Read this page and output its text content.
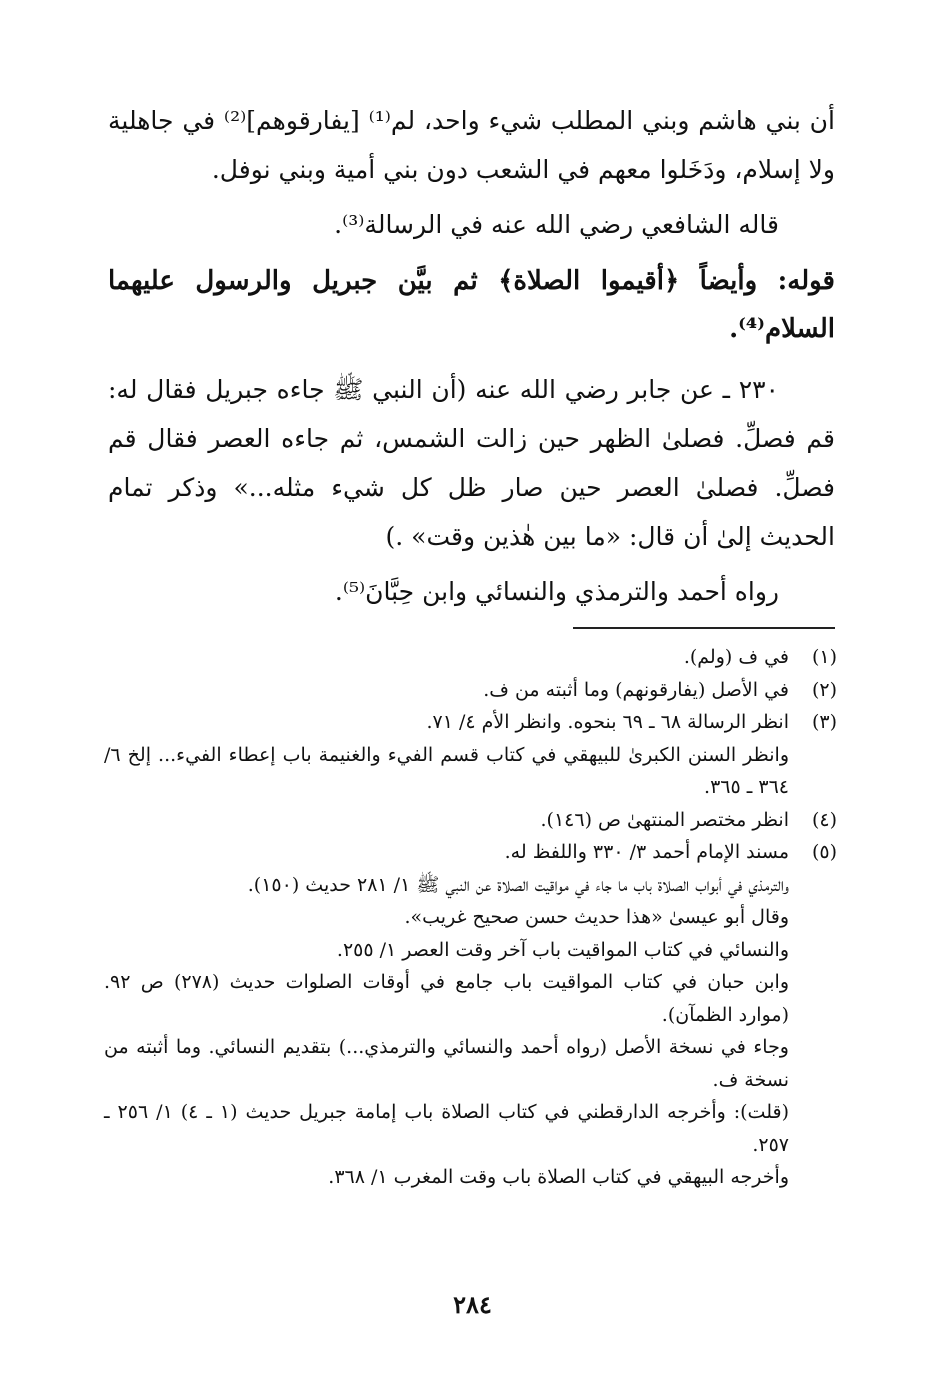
أن بني هاشم وبني المطلب شيء واحد، لم⁽¹⁾ [يفارقوهم]⁽²⁾ في جاهلية ولا إسلام، ودَخَلوا معهم في الشعب دون بني أمية وبني نوفل.

قاله الشافعي رضي الله عنه في الرسالة⁽³⁾.

قوله: وأيضاً ﴿أقيموا الصلاة﴾ ثم بيَّن جبريل والرسول عليهما السلام⁽⁴⁾.

٢٣٠ ـ عن جابر رضي الله عنه (أن النبي ﷺ جاءه جبريل فقال له: قم فصلِّ. فصلىٰ الظهر حين زالت الشمس، ثم جاءه العصر فقال قم فصلِّ. فصلىٰ العصر حين صار ظل كل شيء مثله...» وذكر تمام الحديث إلىٰ أن قال: «ما بين هٰذين وقت» .)

رواه أحمد والترمذي والنسائي وابن حِبَّانَ⁽⁵⁾.

(١)
في ف (ولم).
(٢)
في الأصل (يفارقونهم) وما أثبته من ف.
(٣)
انظر الرسالة ٦٨ ـ ٦٩ بنحوه. وانظر الأم ٤/ ٧١.

وانظر السنن الكبرىٰ للبيهقي في كتاب قسم الفيء والغنيمة باب إعطاء الفيء... إلخ ٦/ ٣٦٤ ـ ٣٦٥.

(٤)
انظر مختصر المنتهىٰ ص (١٤٦).
(٥)
مسند الإمام أحمد ٣/ ٣٣٠ واللفظ له.

والترمذي في أبواب الصلاة باب ما جاء في مواقيت الصلاة عن النبي ﷺ ١/ ٢٨١ حديث (١٥٠).

وقال أبو عيسىٰ «هذا حديث حسن صحيح غريب».

والنسائي في كتاب المواقيت باب آخر وقت العصر ١/ ٢٥٥.

وابن حبان في كتاب المواقيت باب جامع في أوقات الصلوات حديث (٢٧٨) ص ٩٢. (موارد الظمآن).

وجاء في نسخة الأصل (رواه أحمد والنسائي والترمذي...) بتقديم النسائي. وما أثبته من نسخة ف.

(قلت): وأخرجه الدارقطني في كتاب الصلاة باب إمامة جبريل حديث (١ ـ ٤) ١/ ٢٥٦ ـ ٢٥٧.

وأخرجه البيهقي في كتاب الصلاة باب وقت المغرب ١/ ٣٦٨.

٢٨٤
